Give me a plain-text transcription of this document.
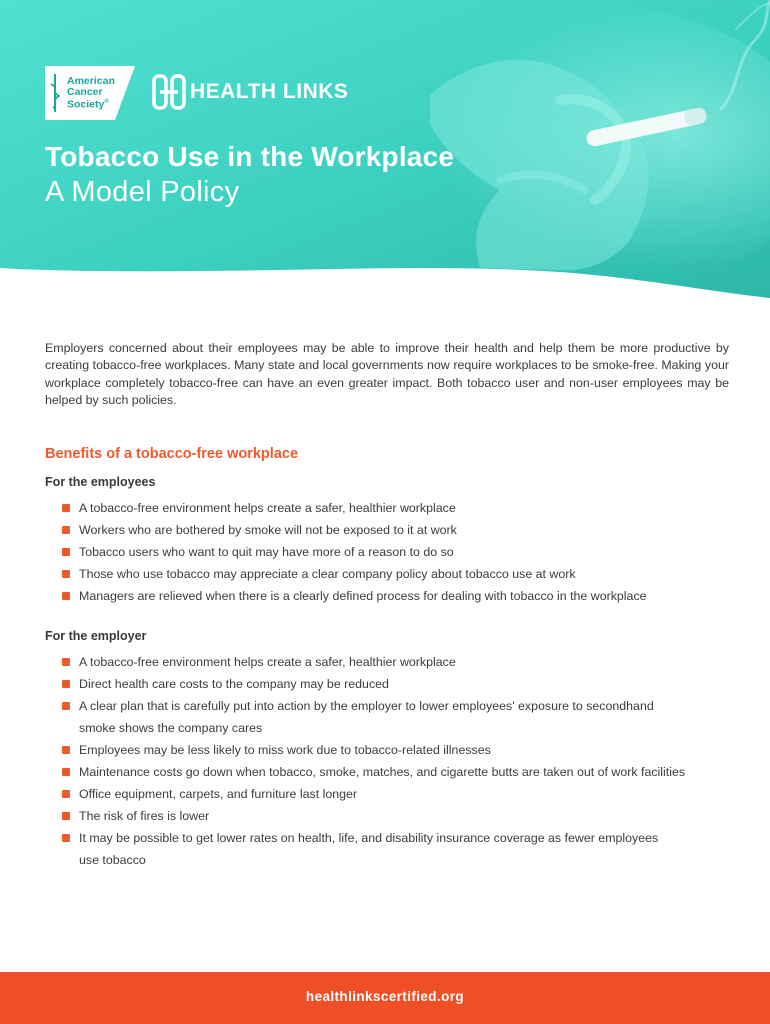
American
Cancer
Society®	HEALTH LINKS
Tobacco Use in the Workplace
A Model Policy

Employers concerned about their employees may be able to improve their health and help them be more productive by creating tobacco-free workplaces. Many state and local governments now require workplaces to be smoke-free. Making your workplace completely tobacco-free can have an even greater impact. Both tobacco user and non-user employees may be helped by such policies.

Benefits of a tobacco-free workplace
For the employees
A tobacco-free environment helps create a safer, healthier workplace
Workers who are bothered by smoke will not be exposed to it at work
Tobacco users who want to quit may have more of a reason to do so
Those who use tobacco may appreciate a clear company policy about tobacco use at work
Managers are relieved when there is a clearly defined process for dealing with tobacco in the workplace
For the employer
A tobacco-free environment helps create a safer, healthier workplace
Direct health care costs to the company may be reduced
A clear plan that is carefully put into action by the employer to lower employees' exposure to secondhand smoke shows the company cares
Employees may be less likely to miss work due to tobacco-related illnesses
Maintenance costs go down when tobacco, smoke, matches, and cigarette butts are taken out of work facilities
Office equipment, carpets, and furniture last longer
The risk of fires is lower
It may be possible to get lower rates on health, life, and disability insurance coverage as fewer employees use tobacco
healthlinkscertified.org
